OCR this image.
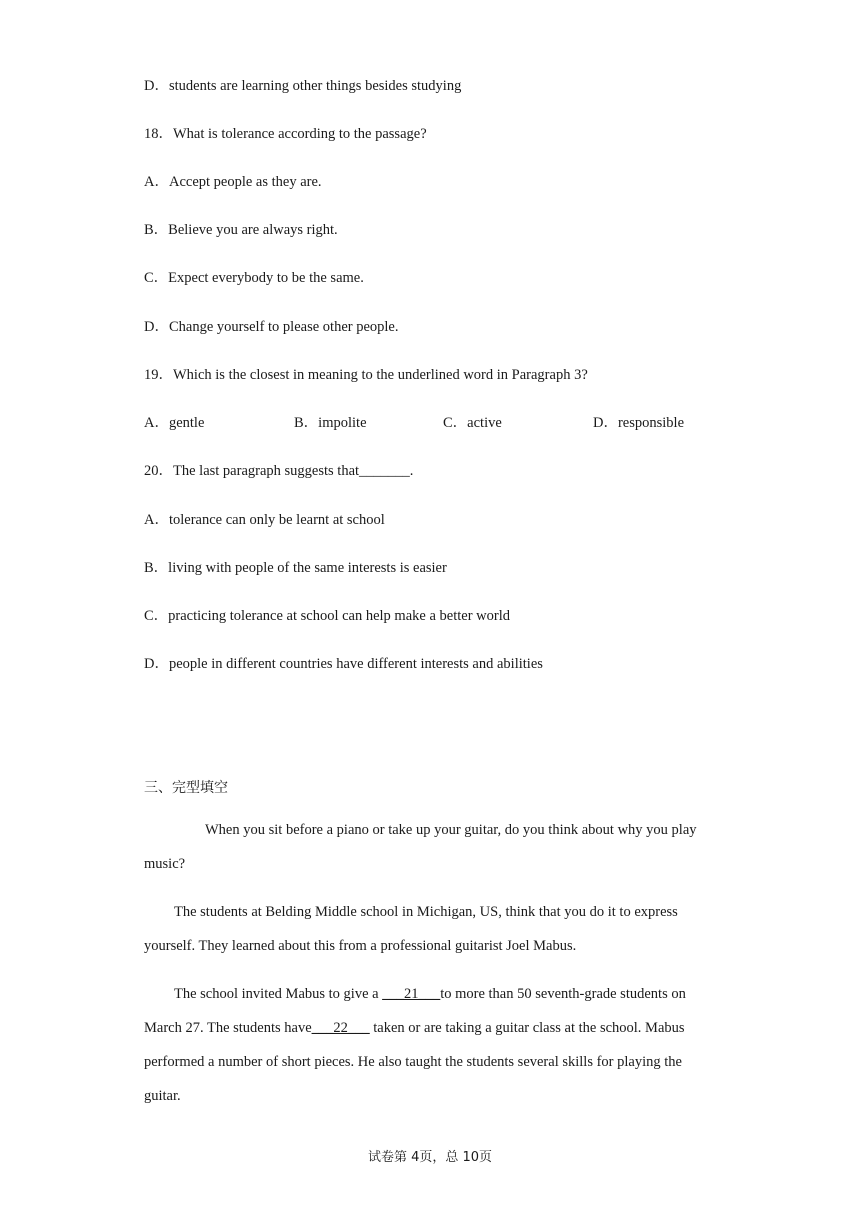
D．students are learning other things besides studying
18．What is tolerance according to the passage?
A．Accept people as they are.
B．Believe you are always right.
C．Expect everybody to be the same.
D．Change yourself to please other people.
19．Which is the closest in meaning to the underlined word in Paragraph 3?
A．gentle	B．impolite	C．active	D．responsible
20．The last paragraph suggests that_______.
A．tolerance can only be learnt at school
B．living with people of the same interests is easier
C．practicing tolerance at school can help make a better world
D．people in different countries have different interests and abilities
三、完型填空
When you sit before a piano or take up your guitar, do you think about why you play music?
The students at Belding Middle school in Michigan, US, think that you do it to express yourself. They learned about this from a professional guitarist Joel Mabus.
The school invited Mabus to give a ___21___to more than 50 seventh-grade students on March 27. The students have___22___ taken or are taking a guitar class at the school. Mabus performed a number of short pieces. He also taught the students several skills for playing the guitar.
试卷第 4页，总 10页
